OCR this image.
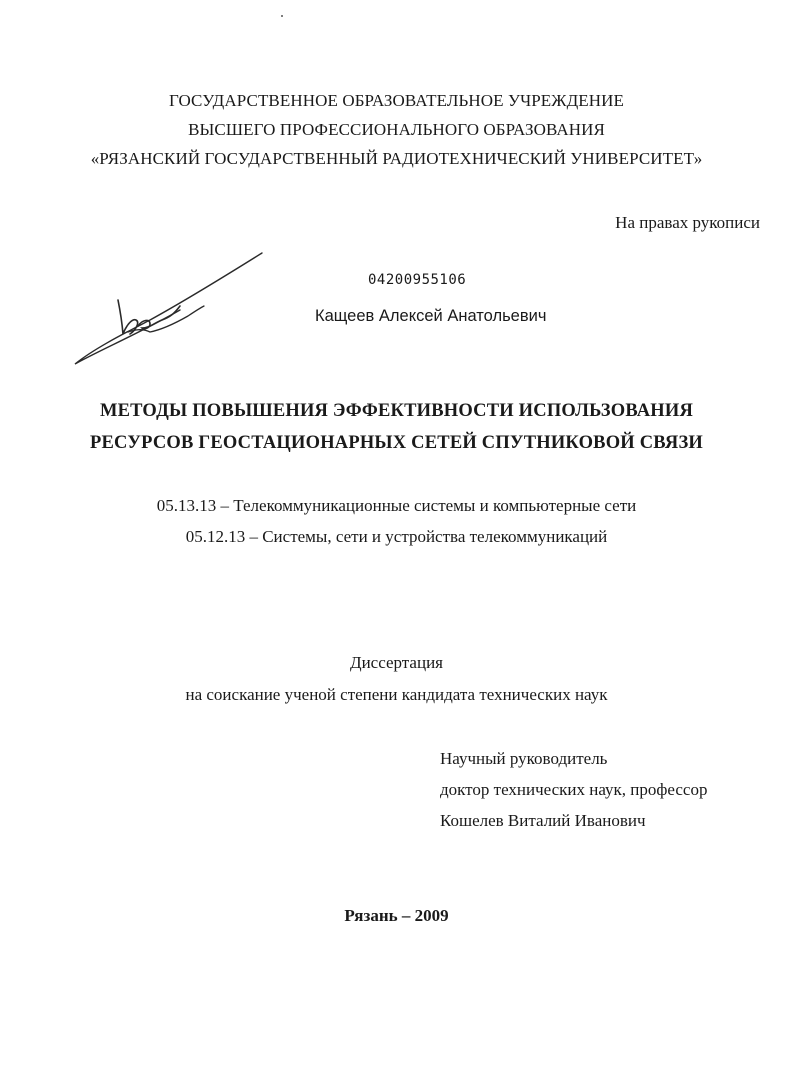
ГОСУДАРСТВЕННОЕ ОБРАЗОВАТЕЛЬНОЕ УЧРЕЖДЕНИЕ
ВЫСШЕГО ПРОФЕССИОНАЛЬНОГО ОБРАЗОВАНИЯ
«РЯЗАНСКИЙ ГОСУДАРСТВЕННЫЙ РАДИОТЕХНИЧЕСКИЙ УНИВЕРСИТЕТ»
На правах рукописи
04200955106
Кащеев Алексей Анатольевич
МЕТОДЫ ПОВЫШЕНИЯ ЭФФЕКТИВНОСТИ ИСПОЛЬЗОВАНИЯ
РЕСУРСОВ ГЕОСТАЦИОНАРНЫХ СЕТЕЙ СПУТНИКОВОЙ СВЯЗИ
05.13.13 – Телекоммуникационные системы и компьютерные сети
05.12.13 – Системы, сети и устройства телекоммуникаций
Диссертация
на соискание ученой степени кандидата технических наук
Научный руководитель
доктор технических наук, профессор
Кошелев Виталий Иванович
Рязань – 2009
